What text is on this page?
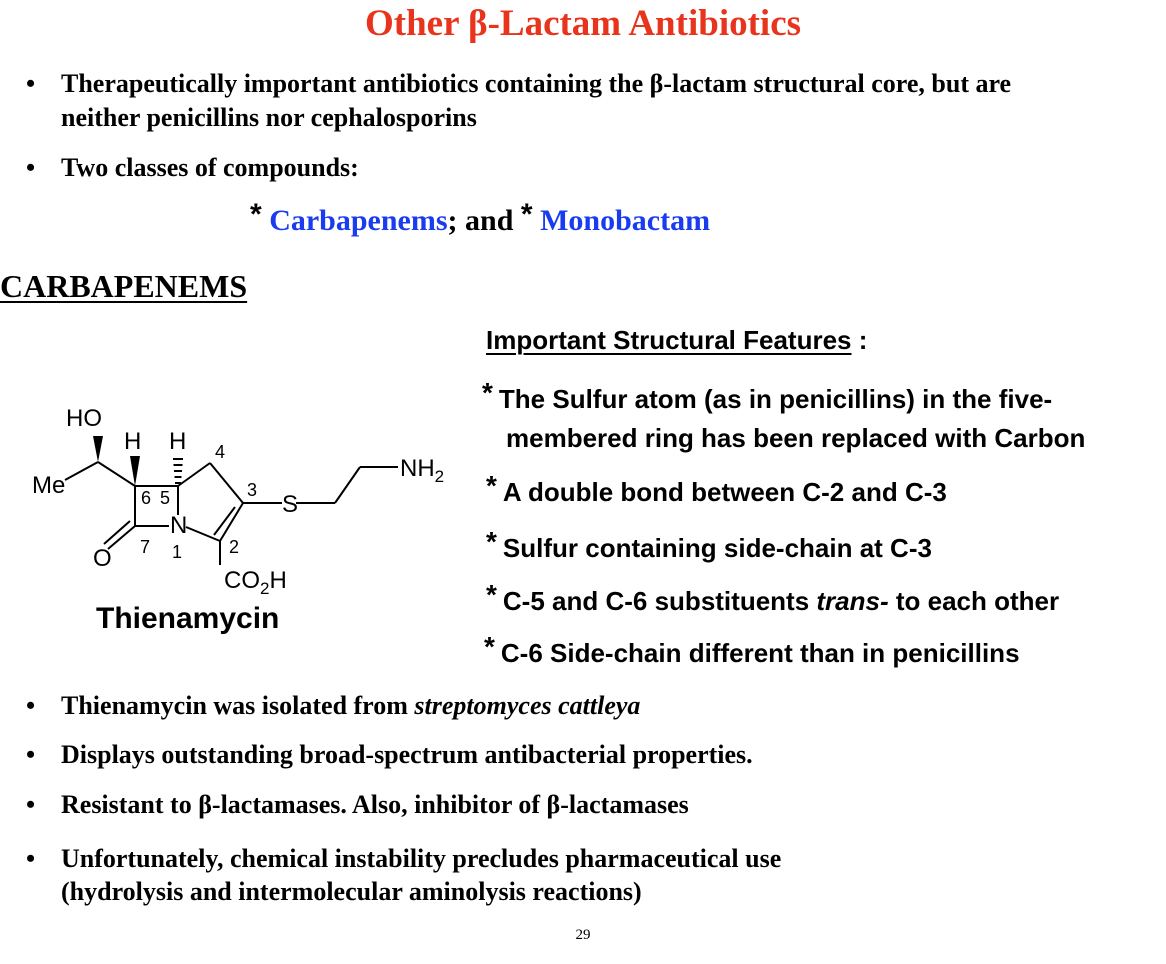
Other β-Lactam Antibiotics
• Therapeutically important antibiotics containing the β-lactam structural core, but are
neither penicillins nor cephalosporins
• Two classes of compounds:
* Carbapenems; and * Monobactam
CARBAPENEMS
HO
H H
Me
O
N
S
$NH_2$
$CO_2H$
4
3
6 5
7 1	2
Thienamycin
Important Structural Features :
* The Sulfur atom (as in penicillins) in the five-
membered ring has been replaced with Carbon
* A double bond between C-2 and C-3
* Sulfur containing side-chain at C-3
* C-5 and C-6 substituents trans- to each other
* C-6 Side-chain different than in penicillins
• Thienamycin was isolated from streptomyces cattleya
• Displays outstanding broad-spectrum antibacterial properties.
• Resistant to β-lactamases. Also, inhibitor of β-lactamases
• Unfortunately, chemical instability precludes pharmaceutical use
(hydrolysis and intermolecular aminolysis reactions)
29
